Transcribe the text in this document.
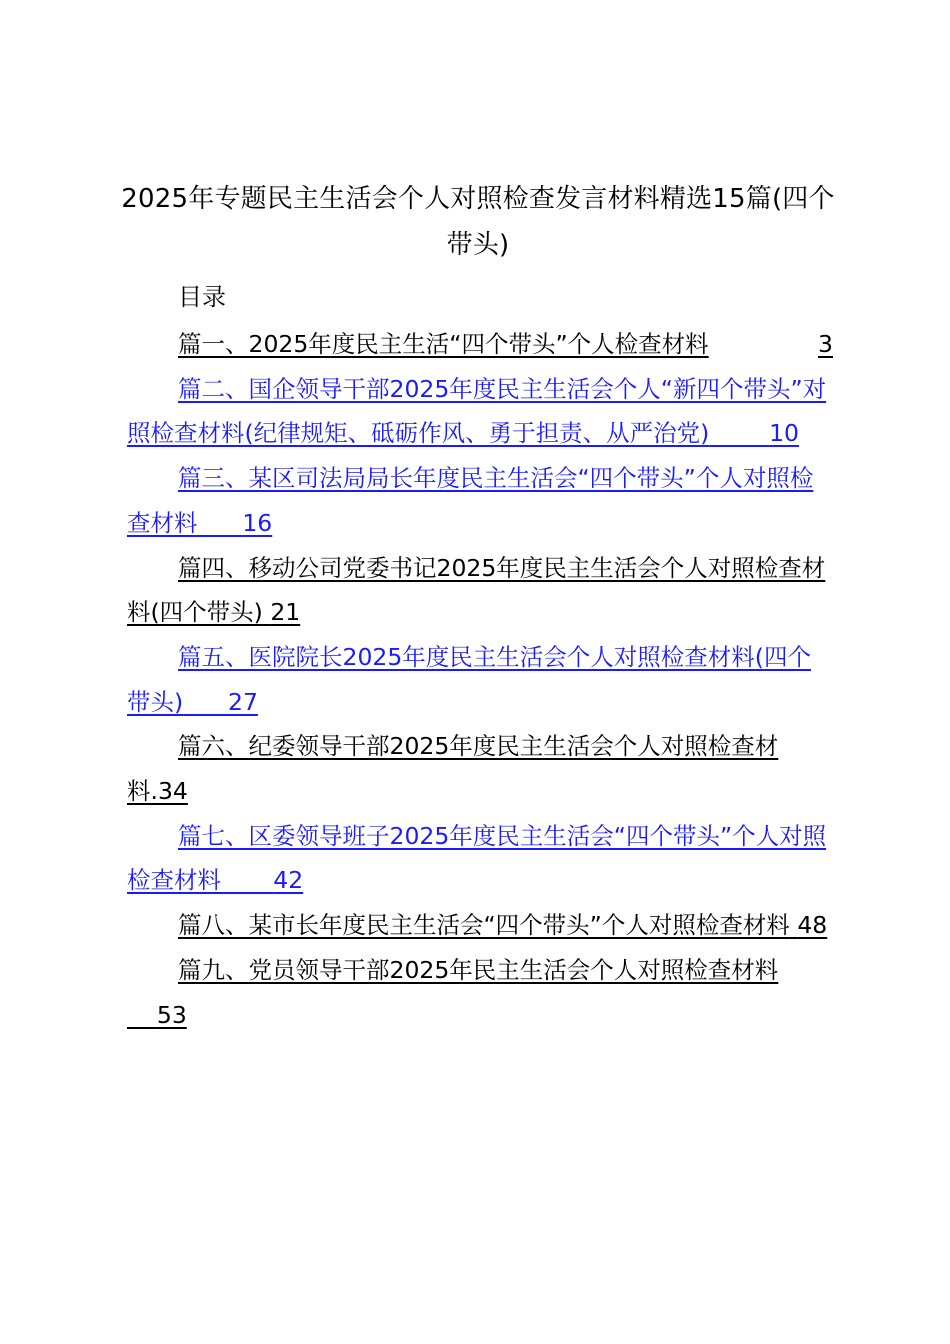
2025年专题民主生活会个人对照检查发言材料精选15篇(四个带头)
目录
篇一、2025年度民主生活“四个带头”个人检查材料	3
篇二、国企领导干部2025年度民主生活会个人“新四个带头”对照检查材料(纪律规矩、砥砺作风、勇于担责、从严治党)	10
篇三、某区司法局局长年度民主生活会“四个带头”个人对照检查材料 16
篇四、移动公司党委书记2025年度民主生活会个人对照检查材料(四个带头) 21
篇五、医院院长2025年度民主生活会个人对照检查材料(四个带头) 27
篇六、纪委领导干部2025年度民主生活会个人对照检查材料.34
篇七、区委领导班子2025年度民主生活会“四个带头”个人对照检查材料 42
篇八、某市长年度民主生活会“四个带头”个人对照检查材料 48
篇九、党员领导干部2025年民主生活会个人对照检查材料    53
